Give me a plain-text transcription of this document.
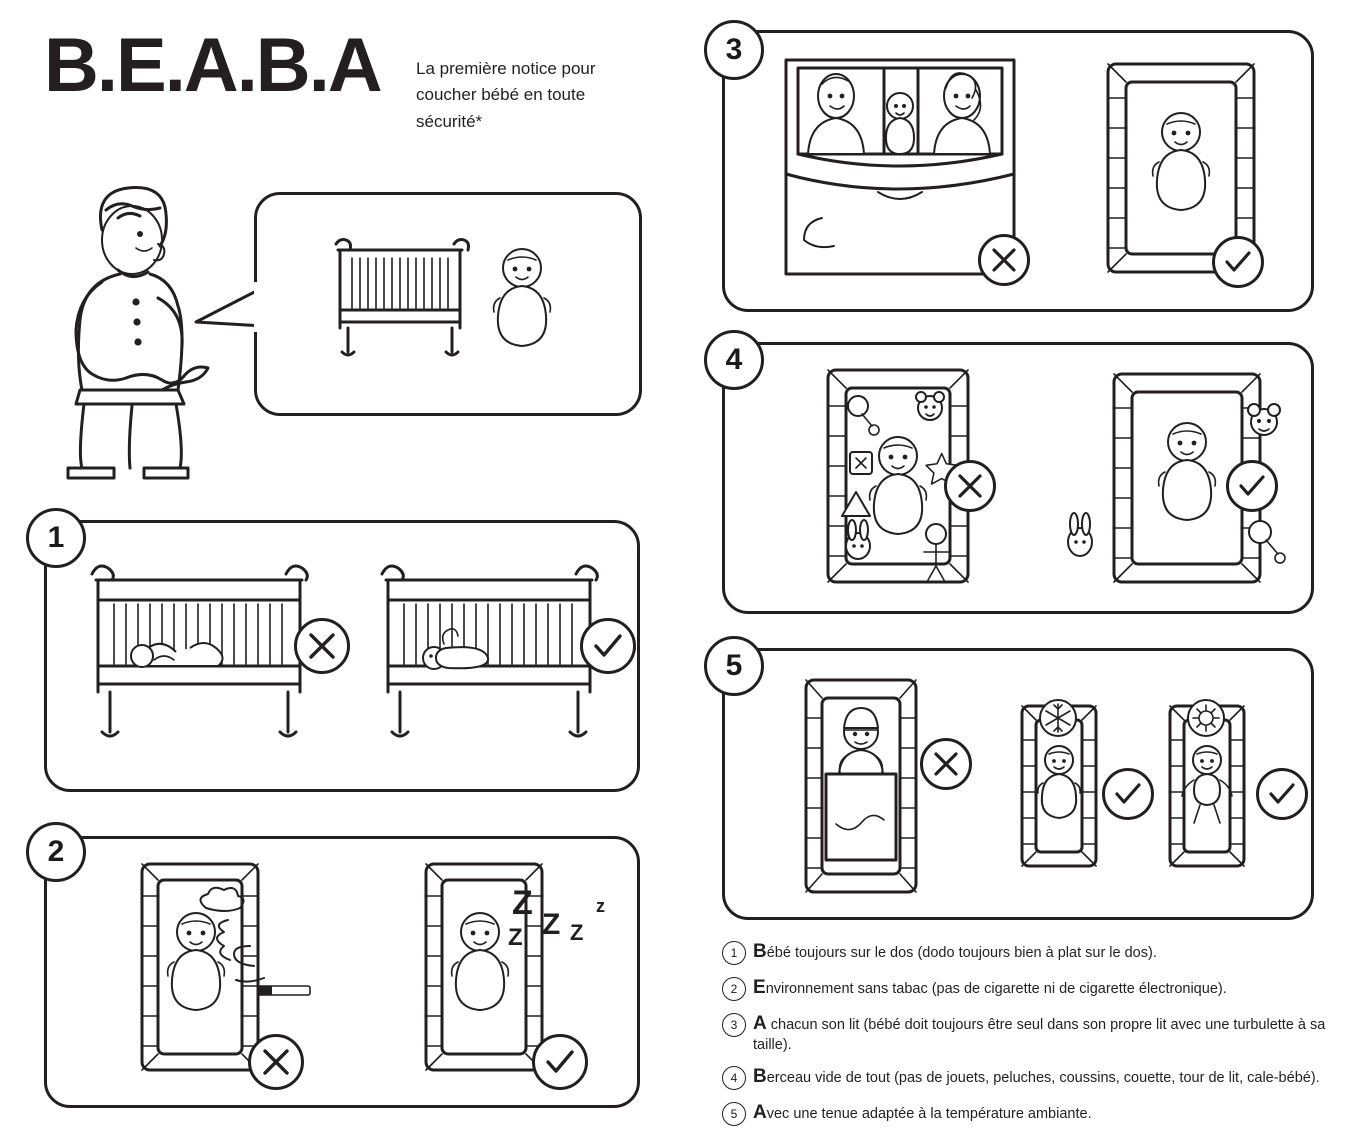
B.E.A.B.A La première notice pour coucher bébé en toute sécurité*
1
2
Z
Z
Z Z
z
3
4
5
1 Bébé toujours sur le dos (dodo toujours bien à plat sur le dos).
2 Environnement sans tabac (pas de cigarette ni de cigarette électronique).
3 A chacun son lit (bébé doit toujours être seul dans son propre lit avec une turbulette à sa taille).
4 Berceau vide de tout (pas de jouets, peluches, coussins, couette, tour de lit, cale-bébé).
5 Avec une tenue adaptée à la température ambiante.
